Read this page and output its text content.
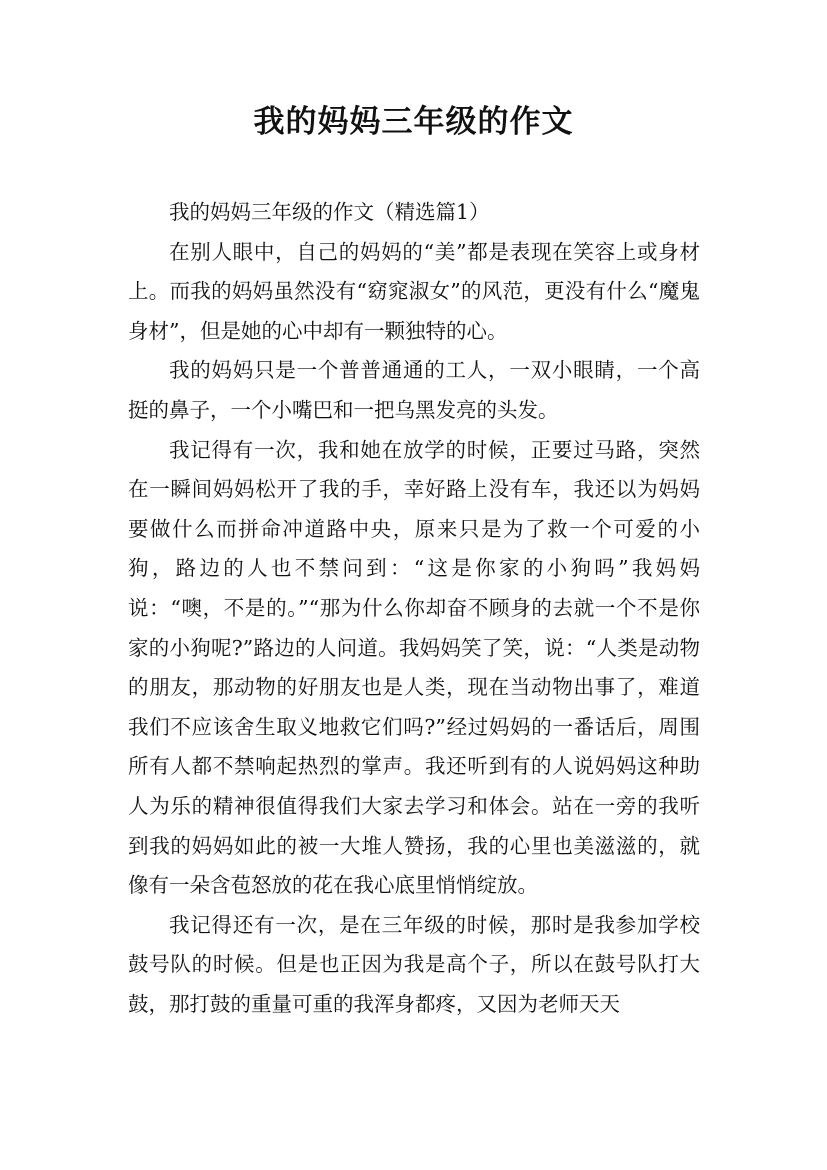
我的妈妈三年级的作文

我的妈妈三年级的作文（精选篇1）

在别人眼中，自己的妈妈的“美”都是表现在笑容上或身材上。而我的妈妈虽然没有“窈窕淑女”的风范，更没有什么“魔鬼身材”，但是她的心中却有一颗独特的心。

我的妈妈只是一个普普通通的工人，一双小眼睛，一个高挺的鼻子，一个小嘴巴和一把乌黑发亮的头发。

我记得有一次，我和她在放学的时候，正要过马路，突然在一瞬间妈妈松开了我的手，幸好路上没有车，我还以为妈妈要做什么而拼命冲道路中央，原来只是为了救一个可爱的小狗，路边的人也不禁问到：“这是你家的小狗吗”我妈妈说：“噢，不是的。”“那为什么你却奋不顾身的去就一个不是你家的小狗呢?”路边的人问道。我妈妈笑了笑，说：“人类是动物的朋友，那动物的好朋友也是人类，现在当动物出事了，难道我们不应该舍生取义地救它们吗?”经过妈妈的一番话后，周围所有人都不禁响起热烈的掌声。我还听到有的人说妈妈这种助人为乐的精神很值得我们大家去学习和体会。站在一旁的我听到我的妈妈如此的被一大堆人赞扬，我的心里也美滋滋的，就像有一朵含苞怒放的花在我心底里悄悄绽放。

我记得还有一次，是在三年级的时候，那时是我参加学校鼓号队的时候。但是也正因为我是高个子，所以在鼓号队打大鼓，那打鼓的重量可重的我浑身都疼，又因为老师天天
